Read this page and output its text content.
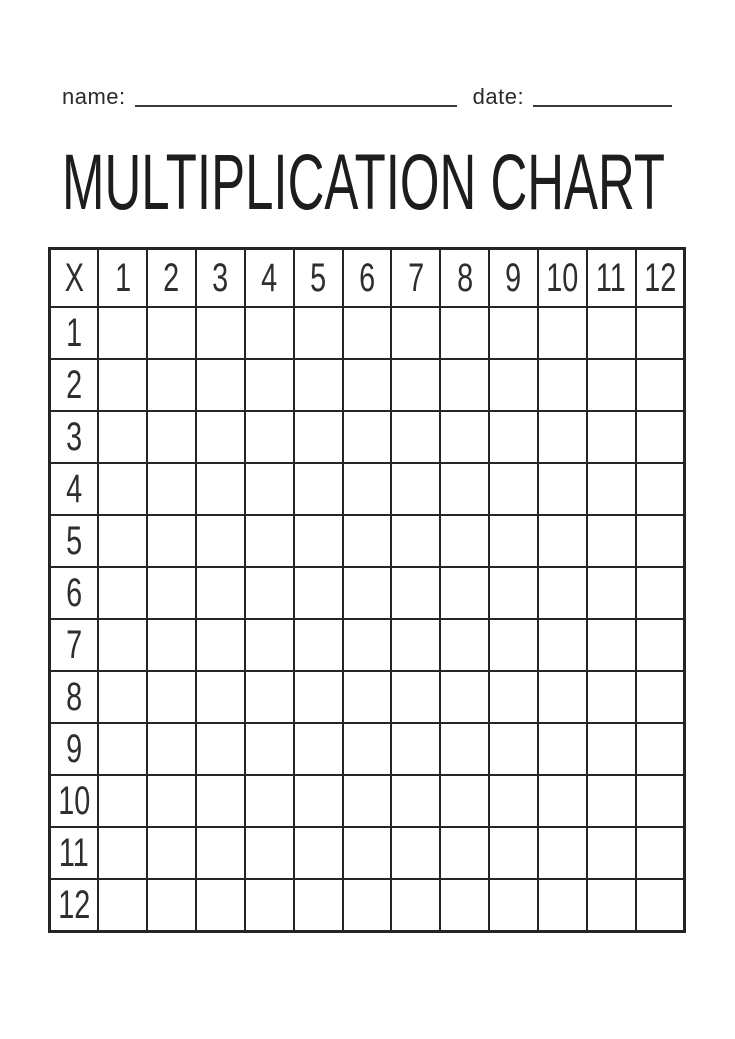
name:	date:
MULTIPLICATION CHART
X	1	2	3	4	5	6	7	8	9	10	11	12
1												
2												
3												
4												
5												
6												
7												
8												
9												
10												
11												
12												
